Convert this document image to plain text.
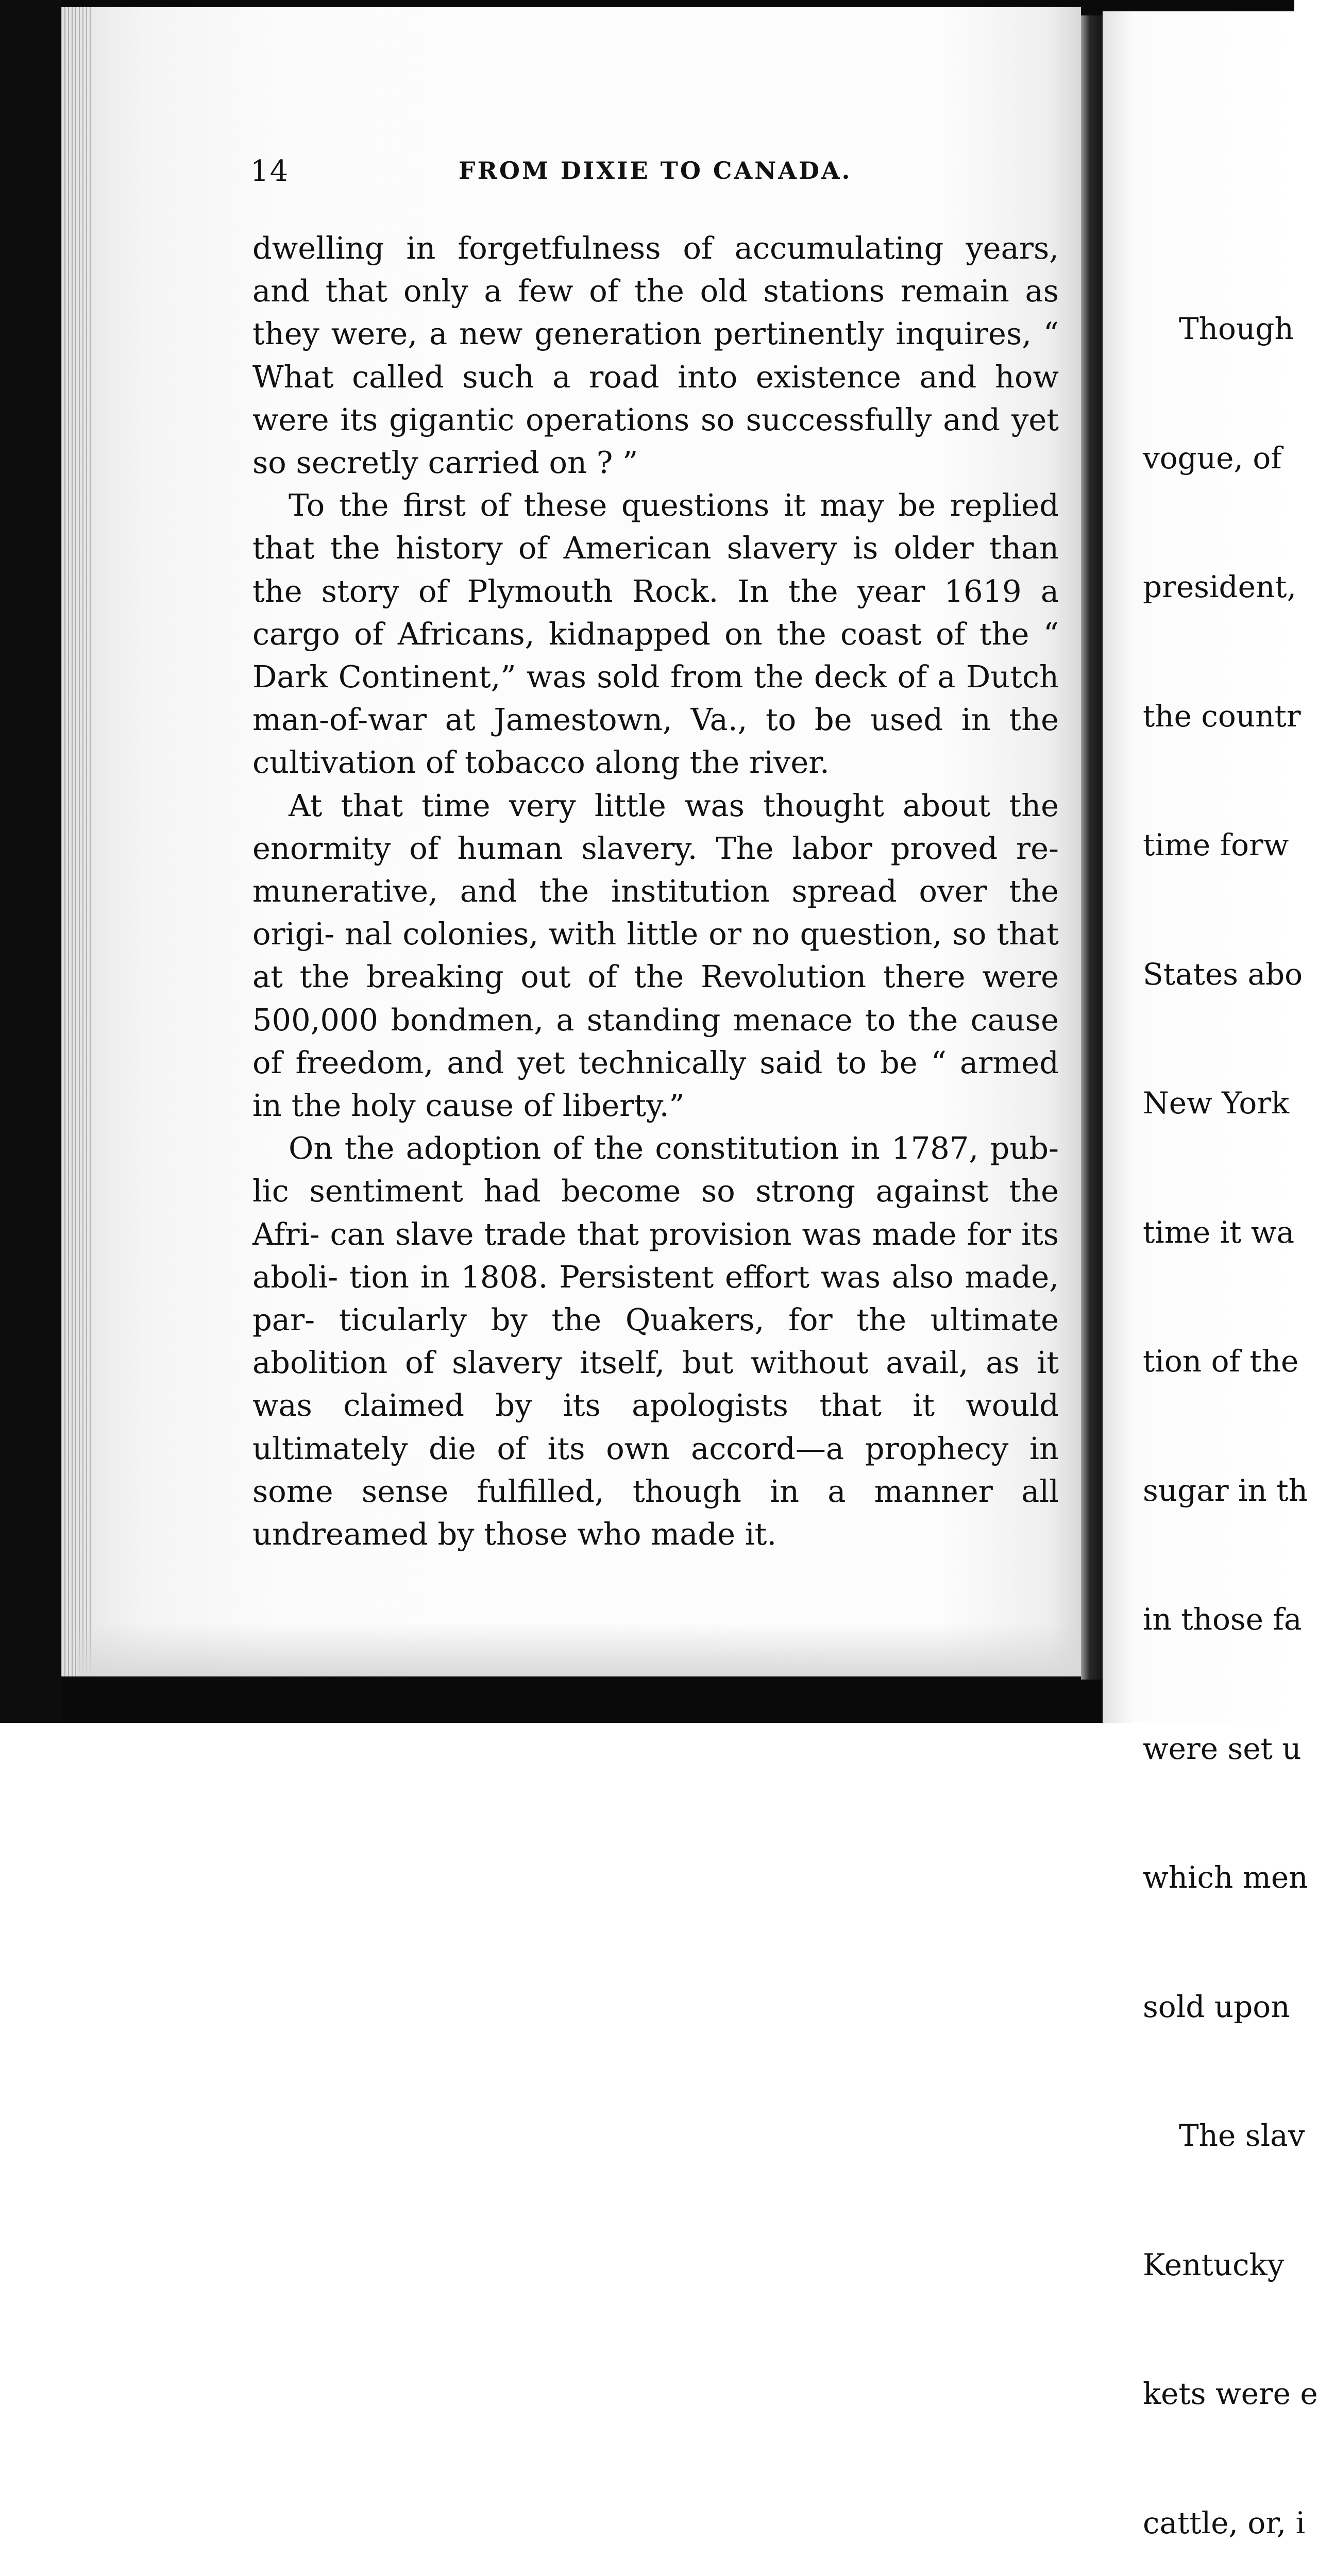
14	FROM DIXIE TO CANADA.

dwelling in forgetfulness of accumulating years, and that only a few of the old stations remain as they were, a new generation pertinently inquires, “ What called such a road into existence and how were its gigantic operations so successfully and yet so secretly carried on ? ”

To the first of these questions it may be replied that the history of American slavery is older than the story of Plymouth Rock. In the year 1619 a cargo of Africans, kidnapped on the coast of the “ Dark Continent,” was sold from the deck of a Dutch man-of-war at Jamestown, Va., to be used in the cultivation of tobacco along the river.

At that time very little was thought about the enormity of human slavery. The labor proved re- munerative, and the institution spread over the origi- nal colonies, with little or no question, so that at the breaking out of the Revolution there were 500,000 bondmen, a standing menace to the cause of freedom, and yet technically said to be “ armed in the holy cause of liberty.”

On the adoption of the constitution in 1787, pub- lic sentiment had become so strong against the Afri- can slave trade that provision was made for its aboli- tion in 1808. Persistent effort was also made, par- ticularly by the Quakers, for the ultimate abolition of slavery itself, but without avail, as it was claimed by its apologists that it would ultimately die of its own accord—a prophecy in some sense fulfilled, though in a manner all undreamed by those who made it.

Though

vogue, of

president,

the countr

time forw

States abo

New York

time it wa

tion of the

sugar in th

in those fa

were set u

which men

sold upon

The slav

Kentucky

kets were e

cattle, or, i
